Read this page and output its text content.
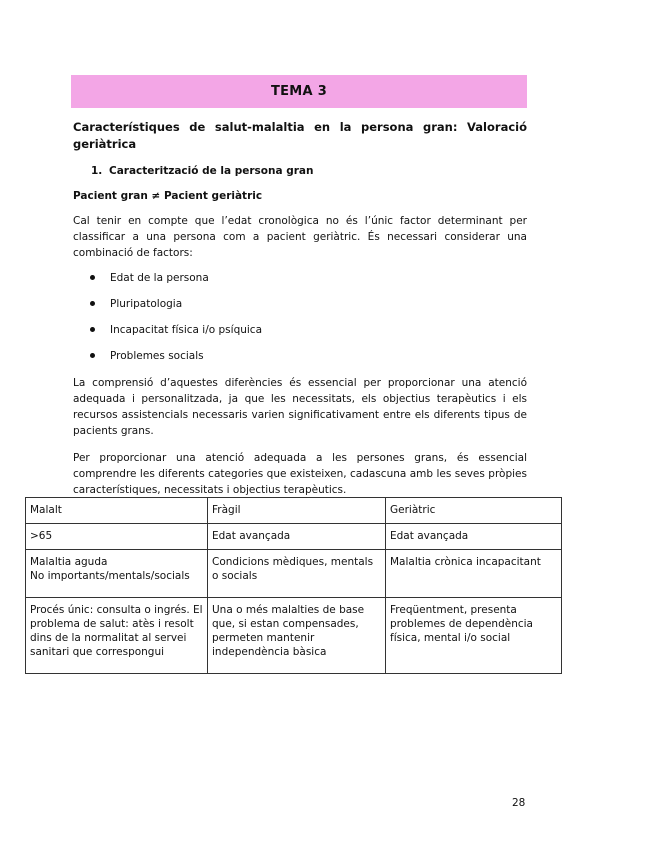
TEMA 3
Característiques de salut-malaltia en la persona gran: Valoració geriàtrica
1. Caracterització de la persona gran
Pacient gran ≠ Pacient geriàtric
Cal tenir en compte que l’edat cronològica no és l’únic factor determinant per classificar a una persona com a pacient geriàtric. És necessari considerar una combinació de factors:
Edat de la persona
Pluripatologia
Incapacitat física i/o psíquica
Problemes socials
La comprensió d’aquestes diferències és essencial per proporcionar una atenció adequada i personalitzada, ja que les necessitats, els objectius terapèutics i els recursos assistencials necessaris varien significativament entre els diferents tipus de pacients grans.
Per proporcionar una atenció adequada a les persones grans, és essencial comprendre les diferents categories que existeixen, cadascuna amb les seves pròpies característiques, necessitats i objectius terapèutics.
Malalt	Fràgil	Geriàtric
>65	Edat avançada	Edat avançada
Malaltia aguda
No importants/mentals/socials	Condicions mèdiques, mentals o socials	Malaltia crònica incapacitant
Procés únic: consulta o ingrés. El problema de salut: atès i resolt dins de la normalitat al servei sanitari que correspongui	Una o més malalties de base que, si estan compensades, permeten mantenir independència bàsica	Freqüentment, presenta problemes de dependència física, mental i/o social
28
